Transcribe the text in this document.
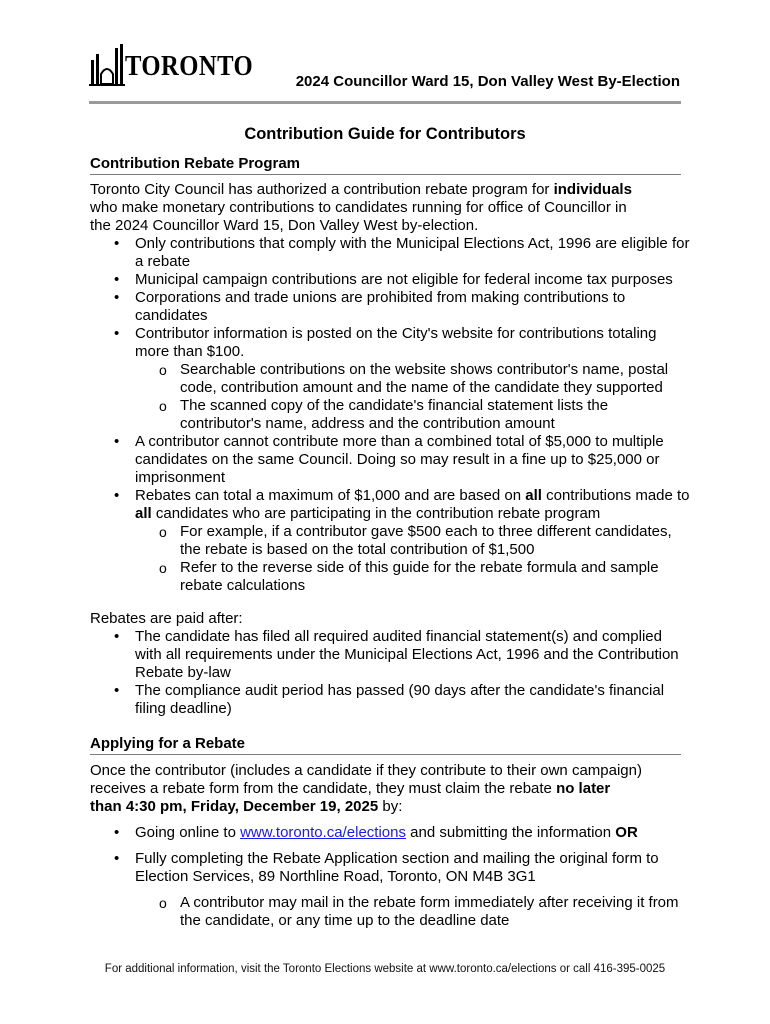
TORONTO	2024 Councillor Ward 15, Don Valley West By-Election
Contribution Guide for Contributors
Contribution Rebate Program

Toronto City Council has authorized a contribution rebate program for individuals
who make monetary contributions to candidates running for office of Councillor in
the 2024 Councillor Ward 15, Don Valley West by-election.

• Only contributions that comply with the Municipal Elections Act, 1996 are eligible for a rebate
• Municipal campaign contributions are not eligible for federal income tax purposes
• Corporations and trade unions are prohibited from making contributions to candidates
• Contributor information is posted on the City's website for contributions totaling more than $100.
o Searchable contributions on the website shows contributor's name, postal code, contribution amount and the name of the candidate they supported
o The scanned copy of the candidate's financial statement lists the contributor's name, address and the contribution amount
• A contributor cannot contribute more than a combined total of $5,000 to multiple candidates on the same Council. Doing so may result in a fine up to $25,000 or imprisonment
• Rebates can total a maximum of $1,000 and are based on all contributions made to all candidates who are participating in the contribution rebate program
o For example, if a contributor gave $500 each to three different candidates, the rebate is based on the total contribution of $1,500
o Refer to the reverse side of this guide for the rebate formula and sample rebate calculations

Rebates are paid after:

• The candidate has filed all required audited financial statement(s) and complied with all requirements under the Municipal Elections Act, 1996 and the Contribution Rebate by-law
• The compliance audit period has passed (90 days after the candidate's financial filing deadline)
Applying for a Rebate

Once the contributor (includes a candidate if they contribute to their own campaign)
receives a rebate form from the candidate, they must claim the rebate no later
than 4:30 pm, Friday, December 19, 2025 by:

• Going online to www.toronto.ca/elections and submitting the information OR
• Fully completing the Rebate Application section and mailing the original form to Election Services, 89 Northline Road, Toronto, ON M4B 3G1
o A contributor may mail in the rebate form immediately after receiving it from the candidate, or any time up to the deadline date
For additional information, visit the Toronto Elections website at www.toronto.ca/elections or call 416-395-0025
